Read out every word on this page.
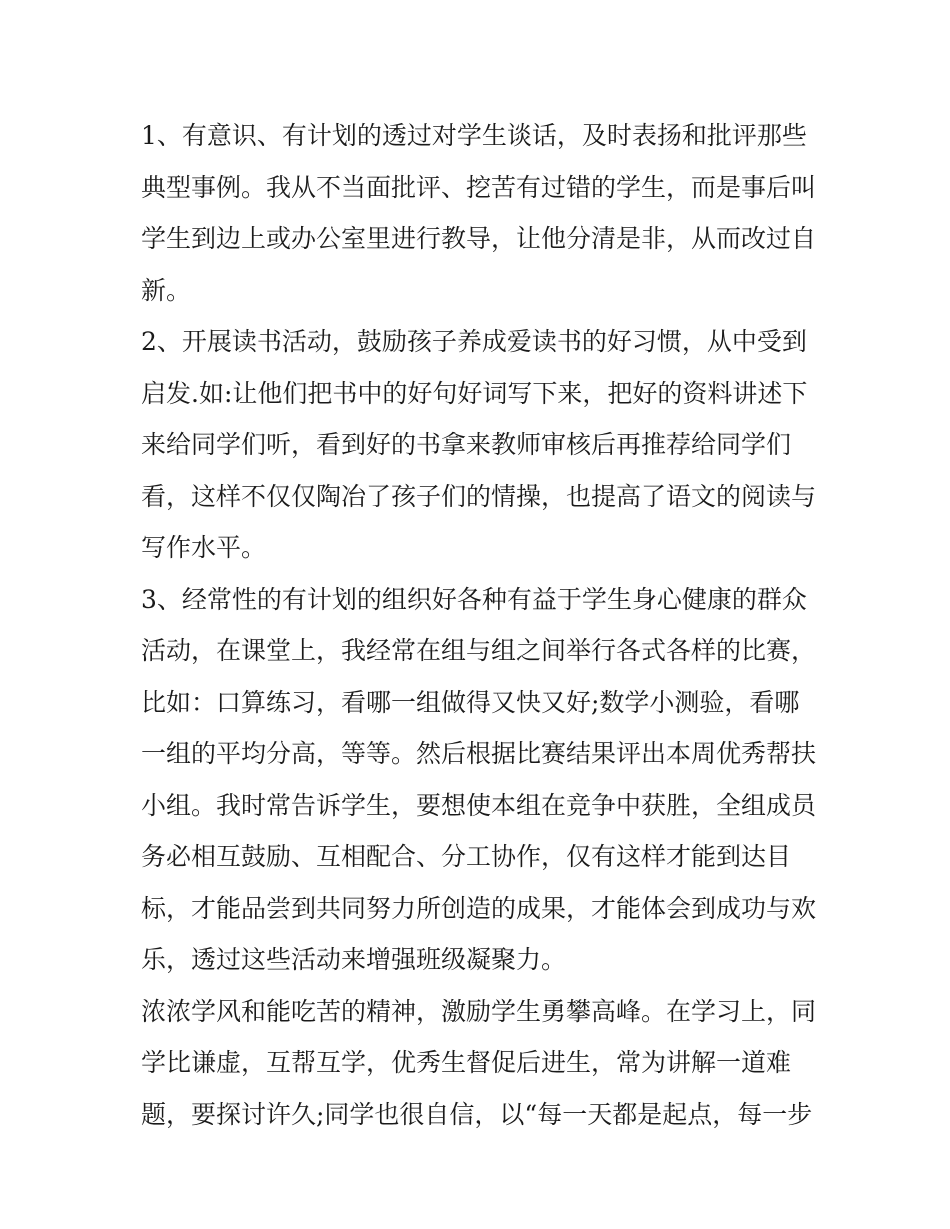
1、有意识、有计划的透过对学生谈话，及时表扬和批评那些
典型事例。我从不当面批评、挖苦有过错的学生，而是事后叫
学生到边上或办公室里进行教导，让他分清是非，从而改过自
新。
2、开展读书活动，鼓励孩子养成爱读书的好习惯，从中受到
启发.如:让他们把书中的好句好词写下来，把好的资料讲述下
来给同学们听，看到好的书拿来教师审核后再推荐给同学们
看，这样不仅仅陶冶了孩子们的情操，也提高了语文的阅读与
写作水平。
3、经常性的有计划的组织好各种有益于学生身心健康的群众
活动，在课堂上，我经常在组与组之间举行各式各样的比赛，
比如：口算练习，看哪一组做得又快又好;数学小测验，看哪
一组的平均分高，等等。然后根据比赛结果评出本周优秀帮扶
小组。我时常告诉学生，要想使本组在竞争中获胜，全组成员
务必相互鼓励、互相配合、分工协作，仅有这样才能到达目
标，才能品尝到共同努力所创造的成果，才能体会到成功与欢
乐，透过这些活动来增强班级凝聚力。
浓浓学风和能吃苦的精神，激励学生勇攀高峰。在学习上，同
学比谦虚，互帮互学，优秀生督促后进生，常为讲解一道难
题，要探讨许久;同学也很自信，以“每一天都是起点，每一步
